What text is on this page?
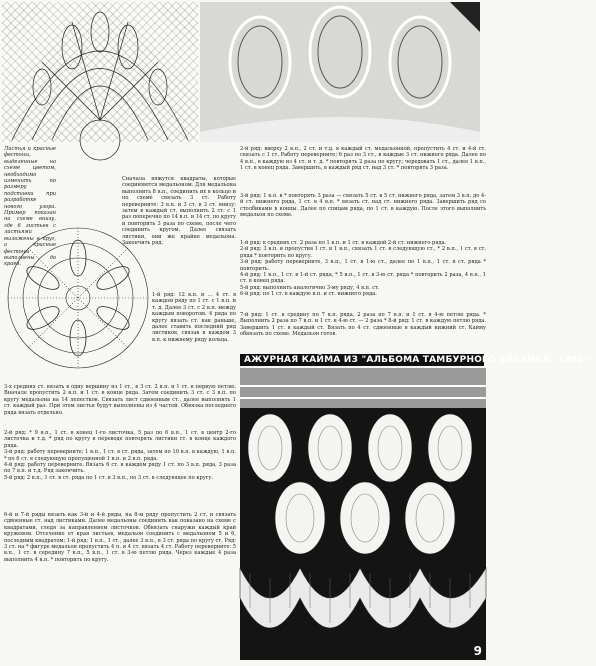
Листья и красные фестоны, выделенные на схеме цветом, необходимо изменить по размеру подставки при разработке нового узора. Пример показан на схеме внизу, где 6 листьев с листьями выложены в круг, а красные фестоны выполнены до краев.
Сначала вяжутся квадраты, которые соединяются медальоном. Для медальона выполнить 8 в.п., соединить их в кольцо и по схеме связать 3 ст. Работу переверните: 3 в.п. и 3 ст. в 3 ст. внизу; затем в каждый ст. выполнить 2 ст. с 1 раз поперечно по 14 в.п. и 14 ст. по кругу и повторить 3 раза по схеме, после чего соединить кругом. Далее связать листики, они же крайне медальона. Закончить ряд.
1-й ряд: 12 в.п. и ... 4 ст. в каждом ряду по 1 ст. с 1 в.п. и т. д. Далее 3 ст. с 2 в.п. между каждым поворотом. 4 ряда по кругу вязать ст. как раньше, далее ставить последний ряд листиков, связав в каждом 3 в.п. к нижнему ряду кольца.
2-й ряд: вверху 2 в.п., 2 ст. и т.д. в каждый ст. медальонной, пропустить 4 ст. и 4-й ст. связать с 1 ст. Работу переверните; 6 раз по 3 ст., в каждые 3 ст. нижнего ряда. Далее по 4 в.п., в каждую из 4 ст. и т. д. * повторять 2 раза по кругу; чередовать 1 ст., далее 1 в.п., 1 ст. в конец ряда. Завершить, в каждый ряд ст. над 3 ст. * повторять 3 раза.
3-й ряд: 1 в.п. в * повторять 3 раза — связать 5 ст. в 5 ст. нижнего ряда, затем 3 в.п. до 4-й ст. нижнего ряда, 1 ст. в 4 в.п. * вязать ст. над ст. нижнего ряда. Завершить ряд со столбиками в концы. Далее по спицам ряда, по 1 ст. в каждую. После этого выполнить медальон по схеме.
1-й ряд: в средних ст. 2 раза по 1 в.п. и 1 ст. в каждой 2-й ст. нижнего ряда.
2-й ряд: 3 в.п. и пропустив 1 ст. и 1 в.п., связать 1 ст. в следующую ст., * 2 в.п., 1 ст. в ст. ряда * повторить по кругу.
3-й ряд: работу переверните, 3 в.п., 1 ст. в 1-ю ст., далее по 1 в.п., 1 ст. в ст. ряда * повторить.
4-й ряд: 1 в.п., 1 ст. в 1-й ст. ряда, * 5 в.п., 1 ст. в 3-ю ст. ряда * повторить 2 раза, 4 в.п., 1 ст. в конец ряда.
5-й ряд: выполнить аналогично 3-му ряду, 4 в.п. ст.
6-й ряд: по 1 ст. в каждую в.п. и ст. нижнего ряда.
7-й ряд: 1 ст. в средину по 7 в.п. ряда, 2 раза по 7 в.п. и 1 ст. в 4-ю петлю ряда. * Выполнить 2 раза по 7 в.п. и 1 ст. в 4-ю ст. — 2 раза * 8-й ряд: 1 ст. в каждую петлю ряда. Завершить 1 ст. в каждый ст. Вязать по 4 ст. сдвоенные в каждый нижний ст. Кайму обвязать по схеме. Медальон готов.
3-х средних ст. вязать в одну вершину из 1 ст., в 3 ст. 2 в.п. и 1 ст. в первую петлю. Вначале пропустить 2 в.п. и 1 ст. в конце ряда. Затем соединить 3 ст. с 3 в.п. по кругу медальона на 14 лепестков. Связать лист сдвоенным ст., далее выполнить 1 ст. каждый раз. При этом листья будут выполнены из 4 частей. Обвязка последнего ряда вязать отдельно.
2-й ряд: * 9 в.п., 1 ст. в конец 1-го листочка, 5 раз по 6 в.п., 1 ст. в центр 2-го листочка и т.д. * ряд по кругу в переводе повторять листики ст. в конце каждого ряда.
3-й ряд: работу переверните; 1 в.п., 1 ст. в ст. ряда, затем по 10 в.п. в каждую, 1 в.п. * по 6 ст. в следующую пропущенной 1 в.п. и 2 в.п. ряда.
4-й ряд: работу переверните. Вязать 6 ст. в каждом ряду 1 ст. по 3 в.п. ряда, 3 раза по 7 в.п. и т.д. Ряд закончить.
5-й ряд: 2 в.п., 1 ст. в ст. ряда по 1 ст. в 3 в.п., по 3 ст. в следующее по кругу.
6-й и 7-й ряды вязать как 3-й и 4-й ряды, на 8-м ряду пропустить 2 ст. и связать сдвоенные ст. над листиками. Далее медальоны соединить как показано на схеме с квадратами, следя за направлением листочков. Обвязать снаружи каждый край кружевом. Отсечение от края листьев, медальон соединить с медальоном 5 и 6, последним квадратом; 1-й ряд: 1 в.п., 1 ст., далее 3 в.п., в 3 ст. ряда по кругу ст. Ряд: 3 ст. на * фигуре медальон пропустить 4 п. и 4 ст. вязать 4 ст. Работу переверните: 5 в.п., 1 ст. в середину 7 в.п., 5 в.п., 1 ст. в 3-ю петлю ряда. Через каждые 4 раза выполнить 4 в.п. * повторить по кругу.
АЖУРНАЯ КАЙМА ИЗ "АЛЬБОМА ТАМБУРНОГО ВЯЗАНИЯ" 1890 г.
9
